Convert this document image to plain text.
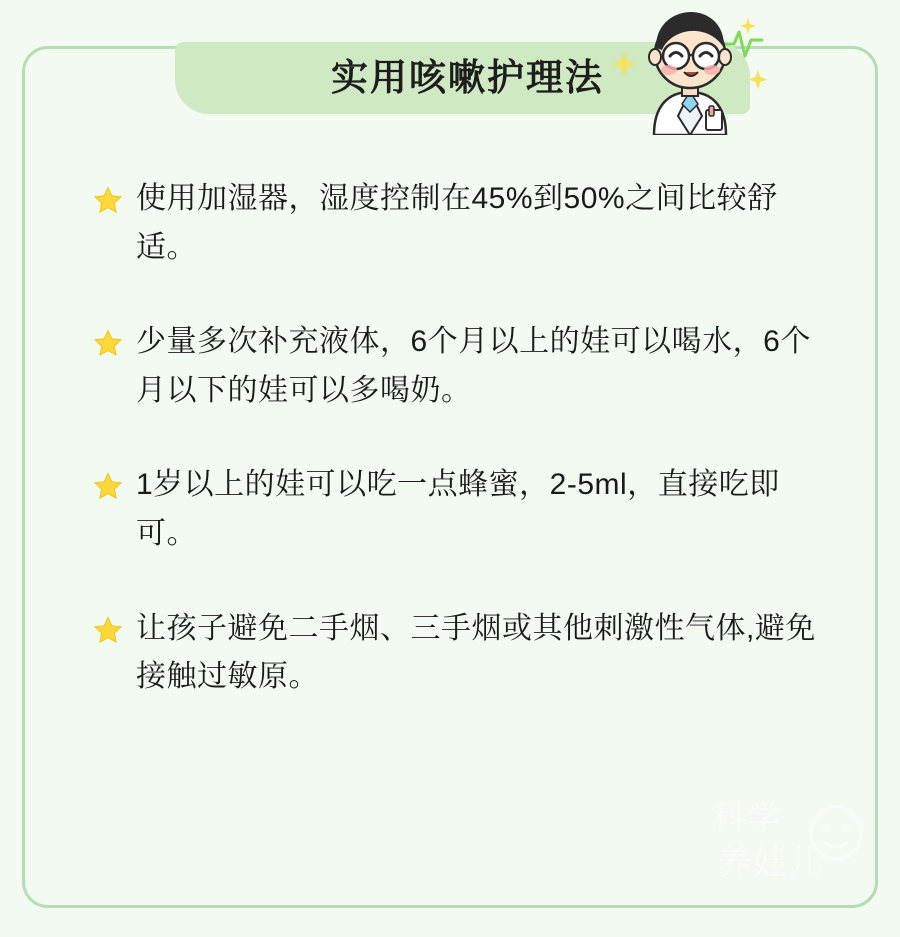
实用咳嗽护理法
使用加湿器，湿度控制在45%到50%之间比较舒适。
少量多次补充液体，6个月以上的娃可以喝水，6个月以下的娃可以多喝奶。
1岁以上的娃可以吃一点蜂蜜，2-5ml，直接吃即可。
让孩子避免二手烟、三手烟或其他刺激性气体,避免接触过敏原。
科学
养娃儿
